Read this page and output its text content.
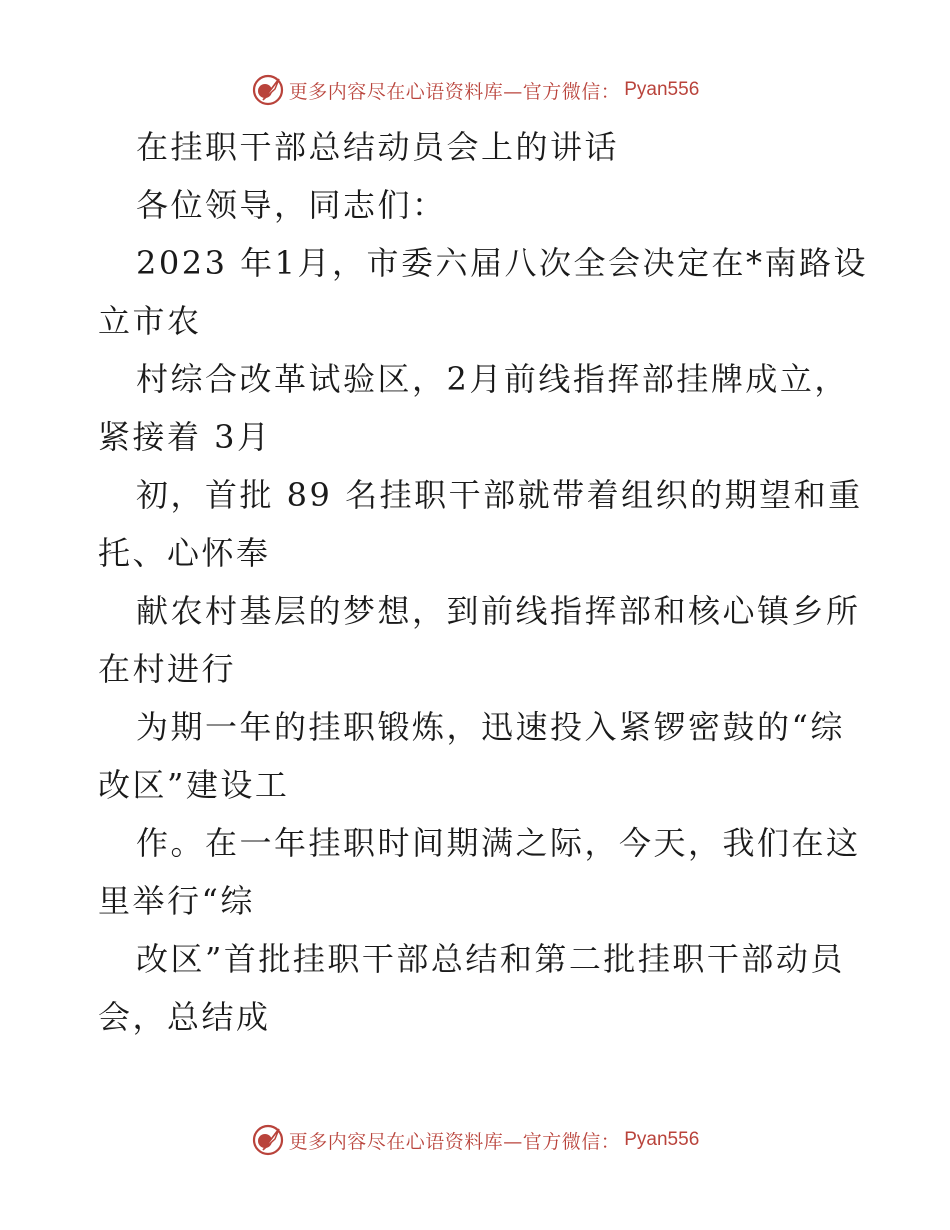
更多内容尽在心语资料库—官方微信： Pyan556
在挂职干部总结动员会上的讲话
各位领导，同志们：
2023 年1月，市委六届八次全会决定在*南路设
立市农
村综合改革试验区，2月前线指挥部挂牌成立，
紧接着 3月
初，首批 89 名挂职干部就带着组织的期望和重
托、心怀奉
献农村基层的梦想，到前线指挥部和核心镇乡所
在村进行
为期一年的挂职锻炼，迅速投入紧锣密鼓的“综
改区”建设工
作。在一年挂职时间期满之际，今天，我们在这
里举行“综
改区”首批挂职干部总结和第二批挂职干部动员
会，总结成
更多内容尽在心语资料库—官方微信： Pyan556
